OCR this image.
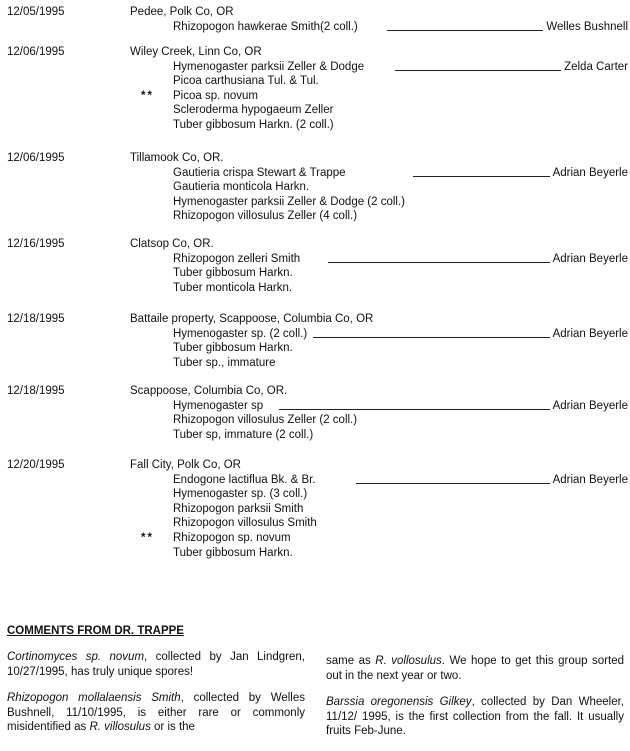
12/05/1995	Pedee, Polk Co, OR
Rhizopogon hawkerae Smith(2 coll.)	Welles Bushnell
12/06/1995	Wiley Creek, Linn Co, OR
Hymenogaster parksii Zeller & Dodge	Zelda Carter
Picoa carthusiana Tul. & Tul.
** Picoa sp. novum
Scleroderma hypogaeum Zeller
Tuber gibbosum Harkn. (2 coll.)
12/06/1995	Tillamook Co, OR.
Gautieria crispa Stewart & Trappe	Adrian Beyerle
Gautieria monticola Harkn.
Hymenogaster parksii Zeller & Dodge (2 coll.)
Rhizopogon villosulus Zeller (4 coll.)
12/16/1995	Clatsop Co, OR.
Rhizopogon zelleri Smith	Adrian Beyerle
Tuber gibbosum Harkn.
Tuber monticola Harkn.
12/18/1995	Battaile property, Scappoose, Columbia Co, OR
Hymenogaster sp. (2 coll.)	Adrian Beyerle
Tuber gibbosum Harkn.
Tuber sp., immature
12/18/1995	Scappoose, Columbia Co, OR.
Hymenogaster sp	Adrian Beyerle
Rhizopogon villosulus Zeller (2 coll.)
Tuber sp, immature (2 coll.)
12/20/1995	Fall City, Polk Co, OR
Endogone lactiflua Bk. & Br.	Adrian Beyerle
Hymenogaster sp. (3 coll.)
Rhizopogon parksii Smith
Rhizopogon villosulus Smith
** Rhizopogon sp. novum
Tuber gibbosum Harkn.
COMMENTS FROM DR. TRAPPE

Cortinomyces sp. novum, collected by Jan Lindgren, 10/27/1995, has truly unique spores!

Rhizopogon mollalaensis Smith, collected by Welles Bushnell, 11/10/1995, is either rare or commonly misidentified as R. villosulus or is the

same as R. vollosulus. We hope to get this group sorted out in the next year or two.

Barssia oregonensis Gilkey, collected by Dan Wheeler, 11/12/ 1995, is the first collection from the fall. It usually fruits Feb-June.
